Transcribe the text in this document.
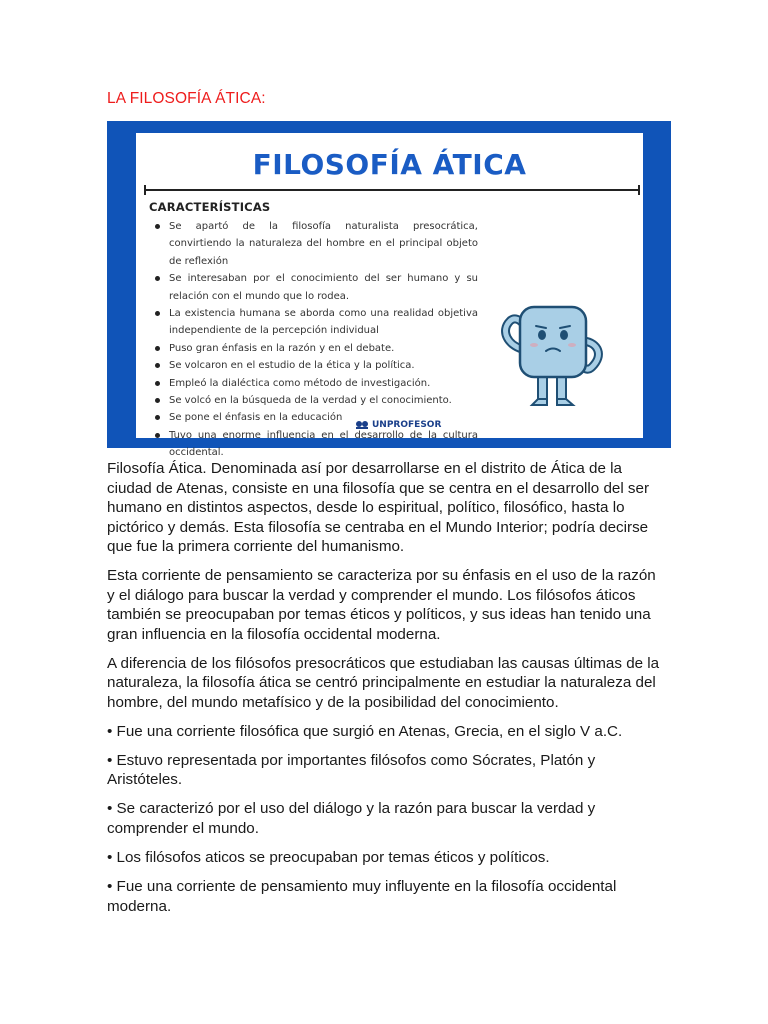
LA FILOSOFÍA ÁTICA:
FILOSOFÍA ÁTICA
CARACTERÍSTICAS
Se apartó de la filosofía naturalista presocrática, convirtiendo la naturaleza del hombre en el principal objeto de reflexión
Se interesaban por el conocimiento del ser humano y su relación con el mundo que lo rodea.
La existencia humana se aborda como una realidad objetiva independiente de la percepción individual
Puso gran énfasis en la razón y en el debate.
Se volcaron en el estudio de la ética y la política.
Empleó la dialéctica como método de investigación.
Se volcó en la búsqueda de la verdad y el conocimiento.
Se pone el énfasis en la educación
Tuvo una enorme influencia en el desarrollo de la cultura occidental.
UNPROFESOR

Filosofía Ática. Denominada así por desarrollarse en el distrito de Ática de la ciudad de Atenas, consiste en una filosofía que se centra en el desarrollo del ser humano en distintos aspectos, desde lo espiritual, político, filosófico, hasta lo pictórico y demás. Esta filosofía se centraba en el Mundo Interior; podría decirse que fue la primera corriente del humanismo.

Esta corriente de pensamiento se caracteriza por su énfasis en el uso de la razón y el diálogo para buscar la verdad y comprender el mundo. Los filósofos áticos también se preocupaban por temas éticos y políticos, y sus ideas han tenido una gran influencia en la filosofía occidental moderna.

A diferencia de los filósofos presocráticos que estudiaban las causas últimas de la naturaleza, la filosofía ática se centró principalmente en estudiar la naturaleza del hombre, del mundo metafísico y de la posibilidad del conocimiento.

• Fue una corriente filosófica que surgió en Atenas, Grecia, en el siglo V a.C.

• Estuvo representada por importantes filósofos como Sócrates, Platón y Aristóteles.

• Se caracterizó por el uso del diálogo y la razón para buscar la verdad y comprender el mundo.

• Los filósofos aticos se preocupaban por temas éticos y políticos.

• Fue una corriente de pensamiento muy influyente en la filosofía occidental moderna.
